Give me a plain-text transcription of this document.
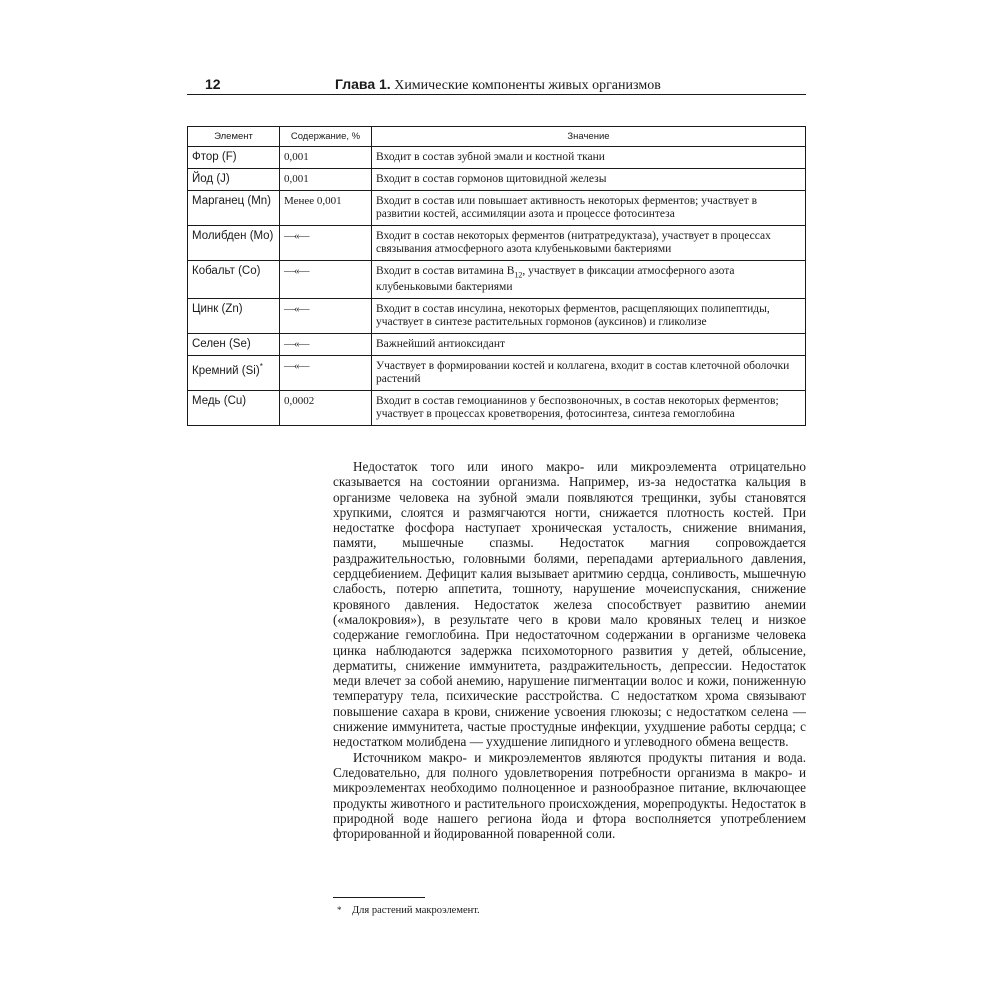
12	Глава 1. Химические компоненты живых организмов
Элемент	Содержание, %	Значение
Фтор (F)	0,001	Входит в состав зубной эмали и костной ткани
Йод (J)	0,001	Входит в состав гормонов щитовидной железы
Марганец (Mn)	Менее 0,001	Входит в состав или повышает активность некоторых ферментов; участвует в развитии костей, ассимиляции азота и процессе фотосинтеза
Молибден (Mo)	—«—	Входит в состав некоторых ферментов (нитратредуктаза), участвует в процессах связывания атмосферного азота клубеньковыми бактериями
Кобальт (Co)	—«—	Входит в состав витамина $B_{12}$, участвует в фиксации атмосферного азота клубеньковыми бактериями
Цинк (Zn)	—«—	Входит в состав инсулина, некоторых ферментов, расщепляющих полипептиды, участвует в синтезе растительных гормонов (ауксинов) и гликолизе
Селен (Se)	—«—	Важнейший антиоксидант
Кремний (Si)*	—«—	Участвует в формировании костей и коллагена, входит в состав клеточной оболочки растений
Медь (Cu)	0,0002	Входит в состав гемоцианинов у беспозвоночных, в состав некоторых ферментов; участвует в процессах кроветворения, фотосинтеза, синтеза гемоглобина

Недостаток того или иного макро- или микроэлемента отрицательно сказывается на состоянии организма. Например, из-за недостатка кальция в организме человека на зубной эмали появляются трещинки, зубы становятся хрупкими, слоятся и размягчаются ногти, снижается плотность костей. При недостатке фосфора наступает хроническая усталость, снижение внимания, памяти, мышечные спазмы. Недостаток магния сопровождается раздражительностью, головными болями, перепадами артериального давления, сердцебиением. Дефицит калия вызывает аритмию сердца, сонливость, мышечную слабость, потерю аппетита, тошноту, нарушение мочеиспускания, снижение кровяного давления. Недостаток железа способствует развитию анемии («малокровия»), в результате чего в крови мало кровяных телец и низкое содержание гемоглобина. При недостаточном содержании в организме человека цинка наблюдаются задержка психомоторного развития у детей, облысение, дерматиты, снижение иммунитета, раздражительность, депрессии. Недостаток меди влечет за собой анемию, нарушение пигментации волос и кожи, пониженную температуру тела, психические расстройства. С недостатком хрома связывают повышение сахара в крови, снижение усвоения глюкозы; с недостатком селена — снижение иммунитета, частые простудные инфекции, ухудшение работы сердца; с недостатком молибдена — ухудшение липидного и углеводного обмена веществ.

Источником макро- и микроэлементов являются продукты питания и вода. Следовательно, для полного удовлетворения потребности организма в макро- и микроэлементах необходимо полноценное и разнообразное питание, включающее продукты животного и растительного происхождения, морепродукты. Недостаток в природной воде нашего региона йода и фтора восполняется употреблением фторированной и йодированной поваренной соли.

* Для растений макроэлемент.
